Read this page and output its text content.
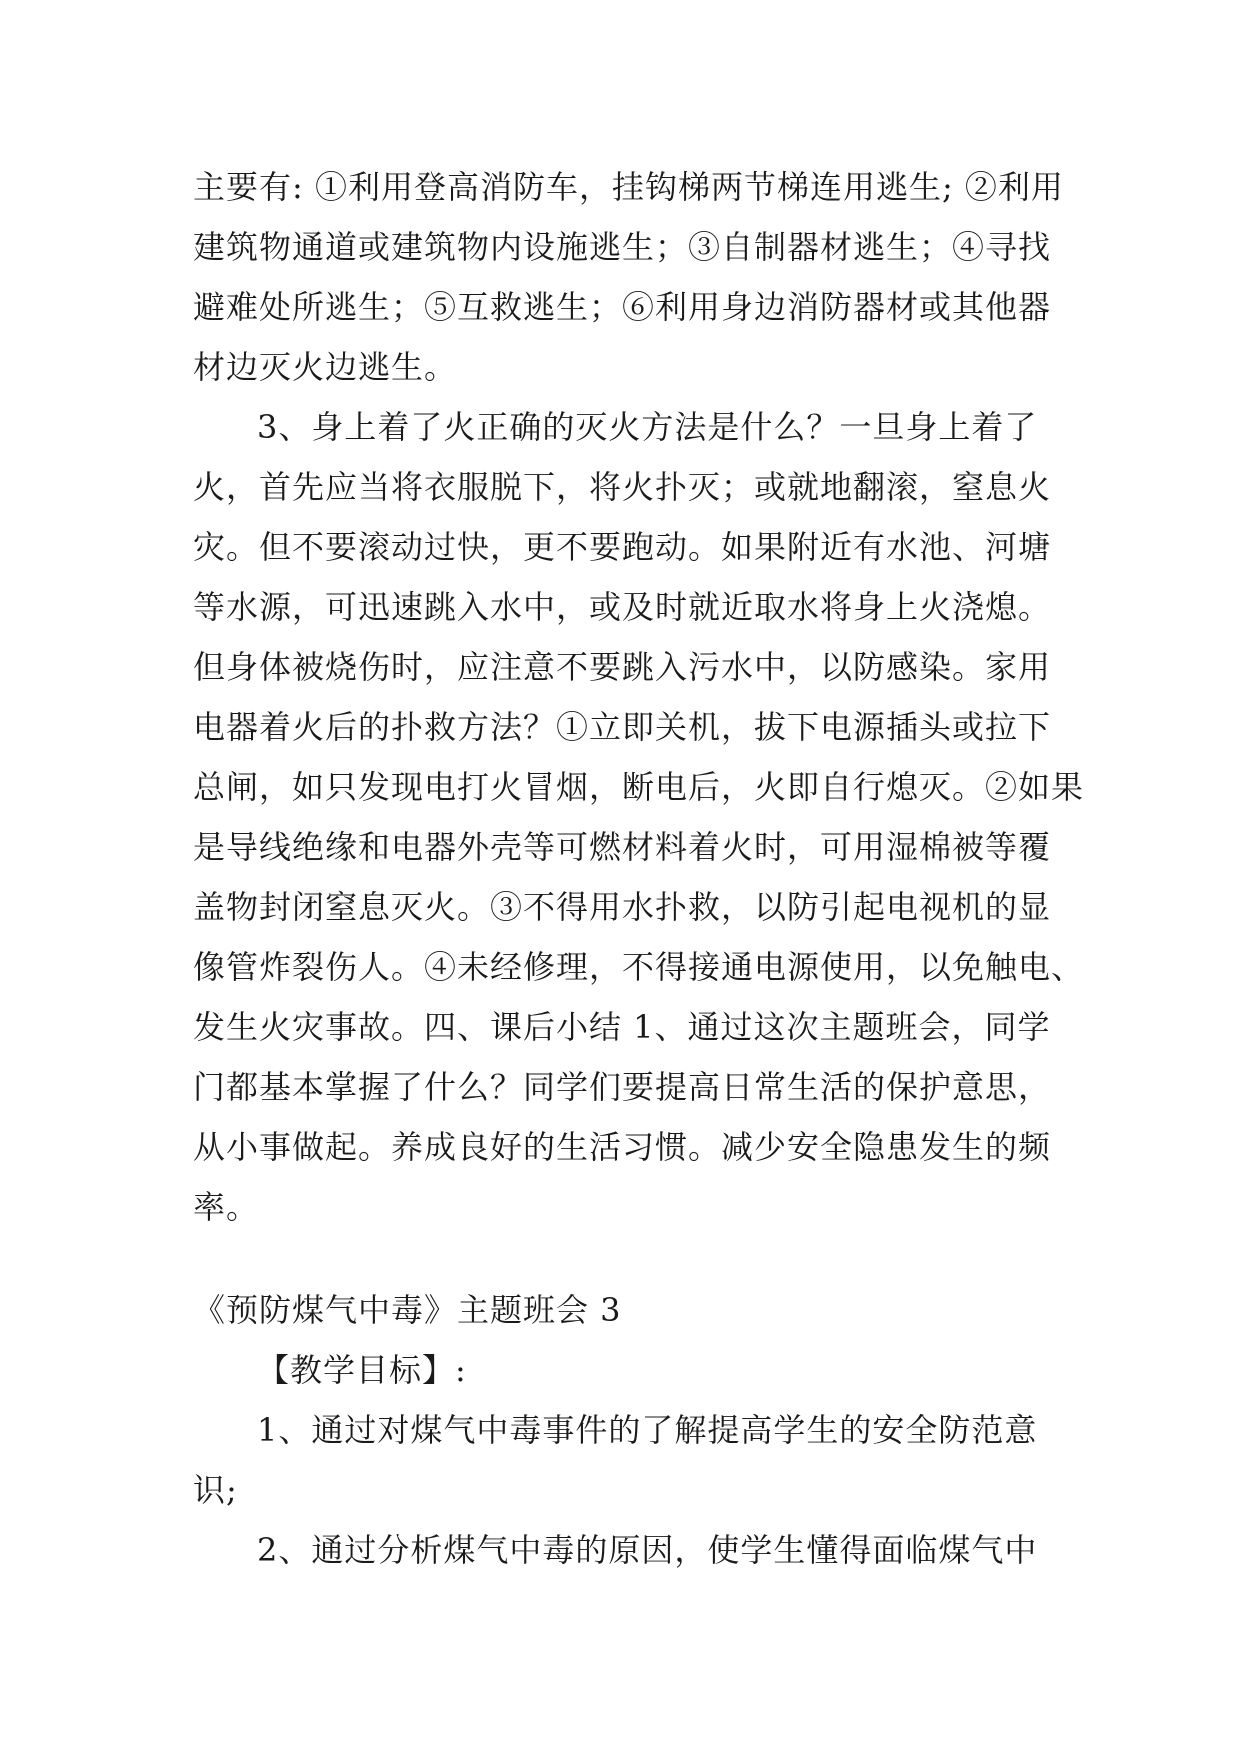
主要有: ①利用登高消防车，挂钩梯两节梯连用逃生; ②利用
建筑物通道或建筑物内设施逃生；③自制器材逃生；④寻找
避难处所逃生；⑤互救逃生；⑥利用身边消防器材或其他器
材边灭火边逃生。
3、身上着了火正确的灭火方法是什么？一旦身上着了
火，首先应当将衣服脱下，将火扑灭；或就地翻滚，窒息火
灾。但不要滚动过快，更不要跑动。如果附近有水池、河塘
等水源，可迅速跳入水中，或及时就近取水将身上火浇熄。
但身体被烧伤时，应注意不要跳入污水中，以防感染。家用
电器着火后的扑救方法？①立即关机，拔下电源插头或拉下
总闸，如只发现电打火冒烟，断电后，火即自行熄灭。②如果
是导线绝缘和电器外壳等可燃材料着火时，可用湿棉被等覆
盖物封闭窒息灭火。③不得用水扑救，以防引起电视机的显
像管炸裂伤人。④未经修理，不得接通电源使用，以免触电、
发生火灾事故。四、课后小结 1、通过这次主题班会，同学
门都基本掌握了什么？同学们要提高日常生活的保护意思，
从小事做起。养成良好的生活习惯。减少安全隐患发生的频
率。
《预防煤气中毒》主题班会 3
【教学目标】:
1、通过对煤气中毒事件的了解提高学生的安全防范意
识;
2、通过分析煤气中毒的原因，使学生懂得面临煤气中
